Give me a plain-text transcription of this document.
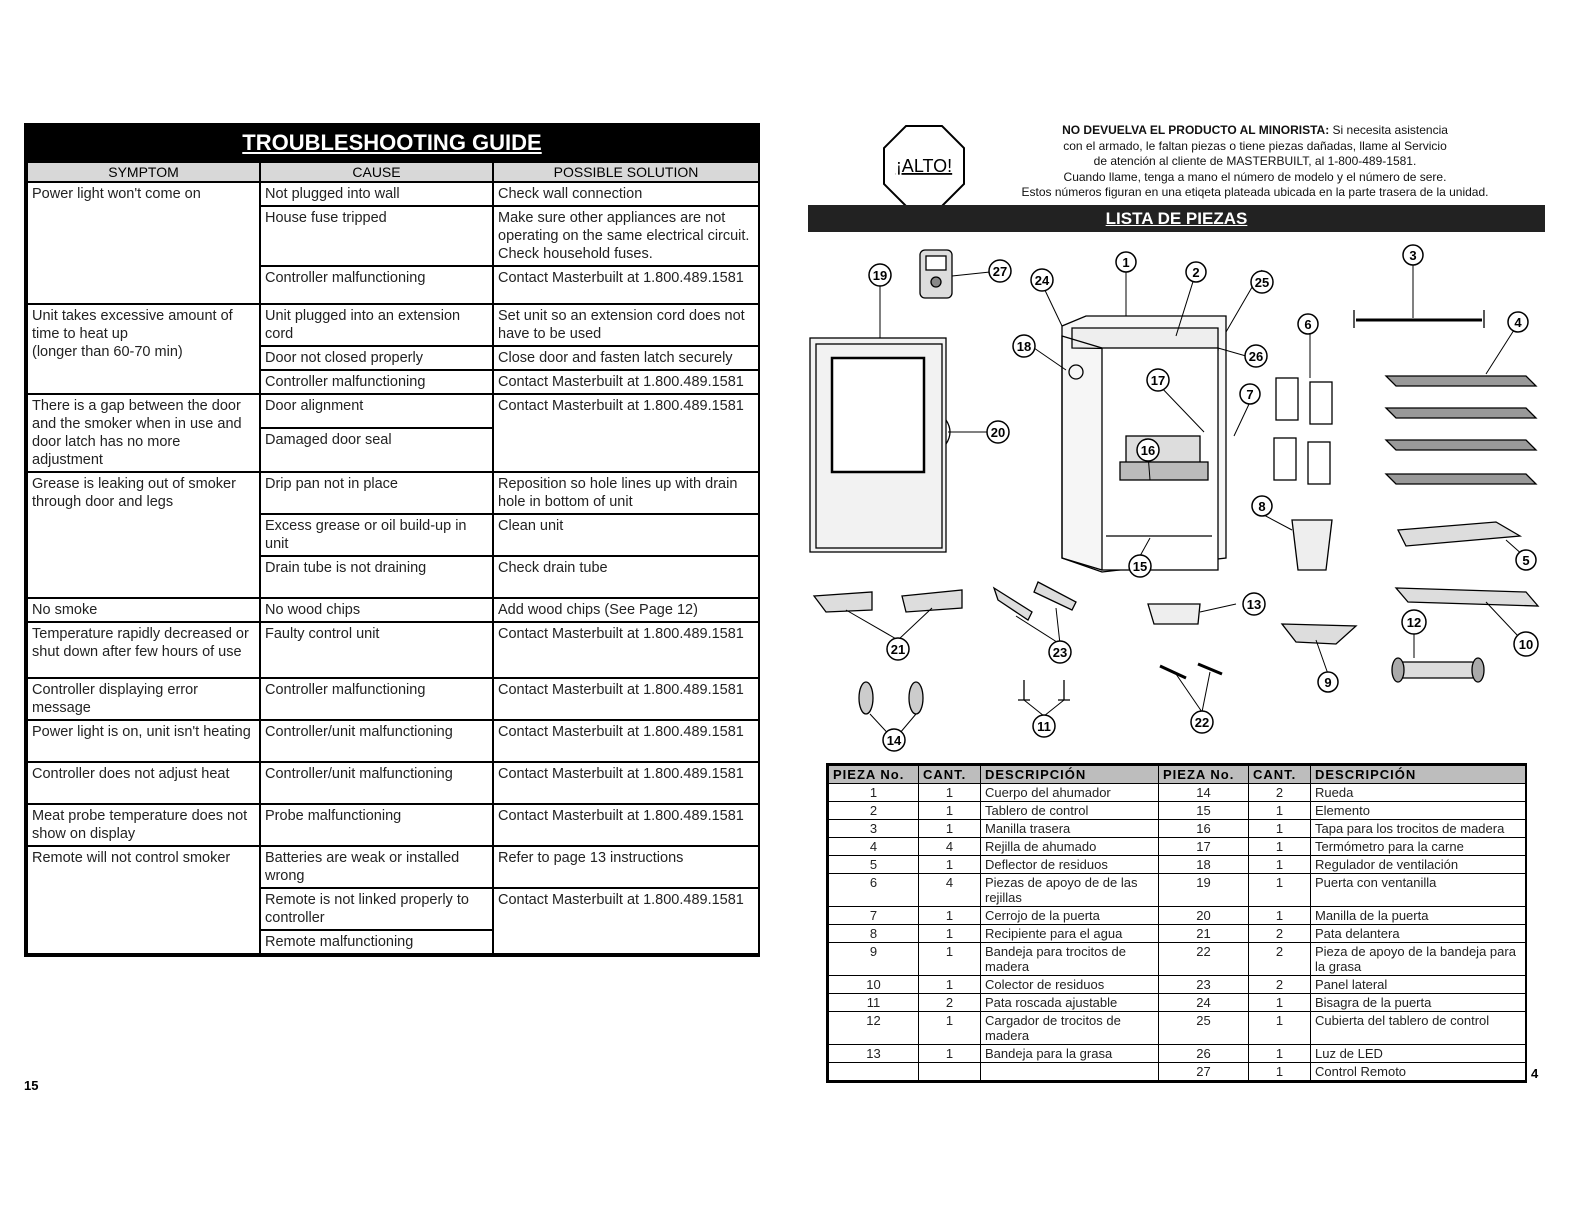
TROUBLESHOOTING GUIDE
SYMPTOM	CAUSE	POSSIBLE SOLUTION
Power light won't come on	Not plugged into wall	Check wall connection
	House fuse tripped	Make sure other appliances are not operating on the same electrical circuit. Check household fuses.
	Controller malfunctioning	Contact Masterbuilt at 1.800.489.1581
Unit takes excessive amount of time to heat up
(longer than 60-70 min)	Unit plugged into an extension cord	Set unit so an extension cord does not have to be used
	Door not closed properly	Close door and fasten latch securely
	Controller malfunctioning	Contact Masterbuilt at 1.800.489.1581
There is a gap between the door and the smoker when in use and door latch has no more adjustment	Door alignment	Contact Masterbuilt at 1.800.489.1581
	Damaged door seal	
Grease is leaking out of smoker through door and legs	Drip pan not in place	Reposition so hole lines up with drain hole in bottom of unit
	Excess grease or oil build-up in unit	Clean unit
	Drain tube is not draining	Check drain tube
No smoke	No wood chips	Add wood chips (See Page 12)
Temperature rapidly decreased or shut down after few hours of use	Faulty control unit	Contact Masterbuilt at 1.800.489.1581
Controller displaying error message	Controller malfunctioning	Contact Masterbuilt at 1.800.489.1581
Power light is on, unit isn't heating	Controller/unit malfunctioning	Contact Masterbuilt at 1.800.489.1581
Controller does not adjust heat	Controller/unit malfunctioning	Contact Masterbuilt at 1.800.489.1581
Meat probe temperature does not show on display	Probe malfunctioning	Contact Masterbuilt at 1.800.489.1581
Remote will not control smoker	Batteries are weak or installed wrong	Refer to page 13 instructions
	Remote is not linked properly to controller	Contact Masterbuilt at 1.800.489.1581
	Remote malfunctioning	
15
¡ALTO!
NO DEVUELVA EL PRODUCTO AL MINORISTA: Si necesita asistencia
con el armado, le faltan piezas o tiene piezas dañadas, llame al Servicio
de atención al cliente de MASTERBUILT, al 1-800-489-1581.
Cuando llame, tenga a mano el número de modelo y el número de sere.
Estos números figuran en una etiqeta plateada ubicada en la parte trasera de la unidad.
LISTA DE PIEZAS
1
2
3
4
5
6
7
8
9
10
11
12
13
14
15
16
17
18
19
20
21
22
23
24	25
26
27
PIEZA No.	CANT.	DESCRIPCIÓN	PIEZA No.	CANT.	DESCRIPCIÓN
1	1	Cuerpo del ahumador	14	2	Rueda
2	1	Tablero de control	15	1	Elemento
3	1	Manilla trasera	16	1	Tapa para los trocitos de madera
4	4	Rejilla de ahumado	17	1	Termómetro para la carne
5	1	Deflector de residuos	18	1	Regulador de ventilación
6	4	Piezas de apoyo de de las rejillas	19	1	Puerta con ventanilla
7	1	Cerrojo de la puerta	20	1	Manilla de la puerta
8	1	Recipiente para el agua	21	2	Pata delantera
9	1	Bandeja para trocitos de madera	22	2	Pieza de apoyo de la bandeja para la grasa
10	1	Colector de residuos	23	2	Panel lateral
11	2	Pata roscada ajustable	24	1	Bisagra de la puerta
12	1	Cargador de trocitos de madera	25	1	Cubierta del tablero de control
13	1	Bandeja para la grasa	26	1	Luz de LED
			27	1	Control Remoto	4
